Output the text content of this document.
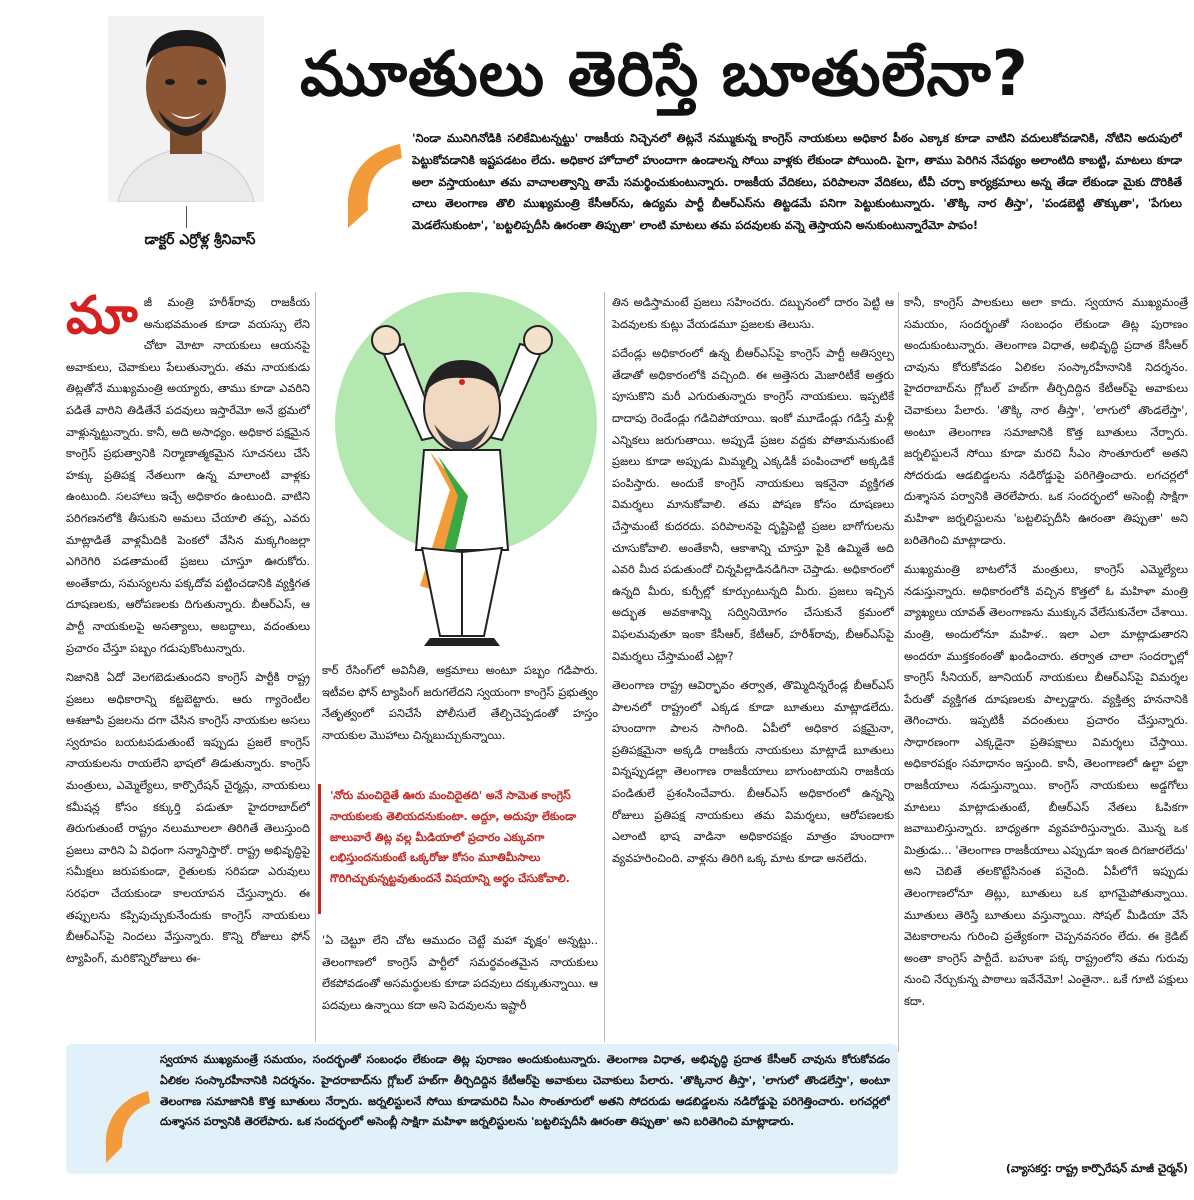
డాక్టర్ ఎర్రోళ్ల శ్రీనివాస్
మూతులు తెరిస్తే బూతులేనా?
'నిండా మునిగినోడికి సలికేమిటన్నట్టు' రాజకీయ నిచ్చెనలో తిట్లనే నమ్ముకున్న కాంగ్రెస్ నాయకులు అధికార పీఠం ఎక్కాక కూడా వాటిని వదులుకోవడానికి, నోటిని అదుపులో పెట్టుకోవడానికి ఇష్టపడటం లేదు. అధికార హోదాలో హుందాగా ఉండాలన్న సోయి వాళ్లకు లేకుండా పోయింది. పైగా, తాము పెరిగిన నేపథ్యం అలాంటిది కాబట్టి, మాటలు కూడా అలా వస్తాయంటూ తమ వాచాలత్వాన్ని తామే సమర్థించుకుంటున్నారు. రాజకీయ వేదికలు, పరిపాలనా వేదికలు, టీవీ చర్చా కార్యక్రమాలు అన్న తేడా లేకుండా మైకు దొరికితే చాలు తెలంగాణ తొలి ముఖ్యమంత్రి కేసీఆర్‌ను, ఉద్యమ పార్టీ బీఆర్ఎస్‌ను తిట్టడమే పనిగా పెట్టుకుంటున్నారు. 'తొక్కి నార తీస్తా', 'పండబెట్టి తొక్కుతా', 'పేగులు మెడలేసుకుంటా', 'బట్టలిప్పదీసి ఊరంతా తిప్పుతా' లాంటి మాటలు తమ పదవులకు వన్నె తెస్తాయని అనుకుంటున్నారేమో పాపం!

మాజీ మంత్రి హరీశ్‌రావు రాజకీయ అనుభవమంత కూడా వయస్సు లేని చోటా మోటా నాయకులు ఆయనపై అవాకులు, చెవాకులు పేలుతున్నారు. తమ నాయకుడు తిట్లతోనే ముఖ్యమంత్రి అయ్యారు, తాము కూడా ఎవరిని పడితే వారిని తిడితేనే పదవులు ఇస్తారేమో అనే భ్రమలో వాళ్లున్నట్టున్నారు. కానీ, అది అసాధ్యం. అధికార పక్షమైన కాంగ్రెస్ ప్రభుత్వానికి నిర్మాణాత్మకమైన సూచనలు చేసే హక్కు ప్రతిపక్ష నేతలుగా ఉన్న మాలాంటి వాళ్లకు ఉంటుంది. సలహాలు ఇచ్చే అధికారం ఉంటుంది. వాటిని పరిగణనలోకి తీసుకుని అమలు చేయాలి తప్ప, ఎవరు మాట్లాడితే వాళ్లమీదికి పెంకలో వేసిన మక్కగింజల్లా ఎగిరెగిరి పడతామంటే ప్రజలు చూస్తూ ఊరుకోరు. అంతేకాదు, సమస్యలను పక్కదోవ పట్టించడానికి వ్యక్తిగత దూషణలకు, ఆరోపణలకు దిగుతున్నారు. బీఆర్ఎస్, ఆ పార్టీ నాయకులపై అసత్యాలు, అబద్ధాలు, వదంతులు ప్రచారం చేస్తూ పబ్బం గడుపుకొంటున్నారు.

నిజానికి ఏదో వెలగబెడుతుందని కాంగ్రెస్ పార్టీకి రాష్ట్ర ప్రజలు అధికారాన్ని కట్టబెట్టారు. ఆరు గ్యారెంటీల ఆశజూపి ప్రజలను దగా చేసిన కాంగ్రెస్ నాయకుల అసలు స్వరూపం బయటపడుతుంటే ఇప్పుడు ప్రజలే కాంగ్రెస్ నాయకులను రాయలేని భాషలో తిడుతున్నారు. కాంగ్రెస్ మంత్రులు, ఎమ్మెల్యేలు, కార్పొరేషన్ చైర్మన్లు, నాయకులు కమీషన్ల కోసం కక్కుర్తి పడుతూ హైదరాబాద్‌లో తిరుగుతుంటే రాష్ట్రం నలుమూలలా తిరిగితే తెలుస్తుంది ప్రజలు వారిని ఏ విధంగా సన్మానిస్తారో. రాష్ట్ర అభివృద్ధిపై సమీక్షలు జరుపకుండా, రైతులకు సరిపడా ఎరువులు సరఫరా చేయకుండా కాలయాపన చేస్తున్నారు. ఈ తప్పులను కప్పిపుచ్చుకునేందుకు కాంగ్రెస్ నాయకులు బీఆర్ఎస్‌పై నిందలు వేస్తున్నారు. కొన్ని రోజులు ఫోన్ ట్యాపింగ్, మరికొన్నిరోజులు ఈ-

కార్ రేసింగ్‌లో అవినీతి, అక్రమాలు అంటూ పబ్బం గడిపారు. ఇటీవల ఫోన్ ట్యాపింగ్ జరుగలేదని స్వయంగా కాంగ్రెస్ ప్రభుత్వం నేతృత్వంలో పనిచేసే పోలీసులే తేల్చిచెప్పడంతో హస్తం నాయకుల మొహాలు చిన్నబుచ్చుకున్నాయి.
'నోరు మంచిదైతే ఊరు మంచిదైతది' అనే సామెత కాంగ్రెస్ నాయకులకు తెలియదనుకుంటా. అద్దూ, అదుపూ లేకుండా జాలువారే తిట్ల వల్ల మీడియాలో ప్రచారం ఎక్కువగా లభిస్తుందనుకుంటే ఒక్కరోజు కోసం మూతిమీసాలు గొరిగిచ్చుకున్నట్టవుతుందనే విషయాన్ని అర్థం చేసుకోవాలి.
'ఏ చెట్టూ లేని చోట ఆముదం చెట్టే మహా వృక్షం' అన్నట్టు.. తెలంగాణలో కాంగ్రెస్ పార్టీలో సమర్థవంతమైన నాయకులు లేకపోవడంతో అసమర్థులకు కూడా పదవులు దక్కుతున్నాయి. ఆ పదవులు ఉన్నాయి కదా అని పెదవులను ఇష్టారీ

తిన అడిస్తామంటే ప్రజలు సహించరు. దబ్బునంలో దారం పెట్టి ఆ పెదవులకు కుట్లు వేయడమూ ప్రజలకు తెలుసు.

పదేండ్లు అధికారంలో ఉన్న బీఆర్ఎస్‌పై కాంగ్రెస్ పార్టీ అతిస్వల్ప తేడాతో అధికారంలోకి వచ్చింది. ఈ అత్తెసరు మెజారిటీకే అత్తరు పూసుకొని మరీ ఎగురుతున్నారు కాంగ్రెస్ నాయకులు. ఇప్పటికే దాదాపు రెండేండ్లు గడిచిపోయాయి. ఇంకో మూడేండ్లు గడిస్తే మళ్లీ ఎన్నికలు జరుగుతాయి. అప్పుడే ప్రజల వద్దకు పోతామనుకుంటే ప్రజలు కూడా అప్పుడు మిమ్మల్ని ఎక్కడికీ పంపించాలో అక్కడికే పంపిస్తారు. అందుకే కాంగ్రెస్ నాయకులు ఇకనైనా వ్యక్తిగత విమర్శలు మానుకోవాలి. తమ పోషణ కోసం దూషణలు చేస్తామంటే కుదరదు. పరిపాలనపై దృష్టిపెట్టి ప్రజల బాగోగులను చూసుకోవాలి. అంతేకానీ, ఆకాశాన్ని చూస్తూ పైకి ఉమ్మితే అది ఎవరి మీద పడుతుందో చిన్నపిల్లాడినడిగినా చెప్తాడు. అధికారంలో ఉన్నది మీరు, కుర్చీల్లో కూర్చుంటున్నది మీరు. ప్రజలు ఇచ్చిన అద్భుత అవకాశాన్ని సద్వినియోగం చేసుకునే క్రమంలో విఫలమవుతూ ఇంకా కేసీఆర్, కేటీఆర్, హరీశ్‌రావు, బీఆర్ఎస్‌పై విమర్శలు చేస్తామంటే ఎట్లా?

తెలంగాణ రాష్ట్ర ఆవిర్భావం తర్వాత, తొమ్మిదిన్నరేండ్ల బీఆర్ఎస్ పాలనలో రాష్ట్రంలో ఎక్కడ కూడా బూతులు మాట్లాడలేదు. హుందాగా పాలన సాగింది. ఏపీలో అధికార పక్షమైనా, ప్రతిపక్షమైనా అక్కడి రాజకీయ నాయకులు మాట్లాడే బూతులు విన్నప్పుడల్లా తెలంగాణ రాజకీయాలు బాగుంటాయని రాజకీయ పండితులే ప్రశంసించేవారు. బీఆర్ఎస్ అధికారంలో ఉన్నన్ని రోజులు ప్రతిపక్ష నాయకులు తమ విమర్శలు, ఆరోపణలకు ఎలాంటి భాష వాడినా అధికారపక్షం మాత్రం హుందాగా వ్యవహరించింది. వాళ్లను తిరిగి ఒక్క మాట కూడా అనలేదు.

కానీ, కాంగ్రెస్ పాలకులు అలా కాదు. స్వయాన ముఖ్యమంత్రే సమయం, సందర్భంతో సంబంధం లేకుండా తిట్ల పురాణం అందుకుంటున్నారు. తెలంగాణ విధాత, అభివృద్ధి ప్రదాత కేసీఆర్ చావును కోరుకోవడం ఏలికల సంస్కారహీనానికి నిదర్శనం. హైదరాబాద్‌ను గ్లోబల్ హబ్‌గా తీర్చిదిద్దిన కేటీఆర్‌పై అవాకులు చెవాకులు పేలారు. 'తొక్కి నార తీస్తా', 'లాగులో తొండలేస్తా', అంటూ తెలంగాణ సమాజానికి కొత్త బూతులు నేర్పారు. జర్నలిస్టులనే సోయి కూడా మరచి సీఎం సొంతూరులో అతని సోదరుడు ఆడబిడ్డలను నడిరోడ్డుపై పరిగెత్తించారు. లగచర్లలో దుశ్శాసన పర్వానికి తెరలేపారు. ఒక సందర్భంలో అసెంబ్లీ సాక్షిగా మహిళా జర్నలిస్టులను 'బట్టలిప్పదీసి ఊరంతా తిప్పుతా' అని బరితెగించి మాట్లాడారు.

ముఖ్యమంత్రి బాటలోనే మంత్రులు, కాంగ్రెస్ ఎమ్మెల్యేలు నడుస్తున్నారు. అధికారంలోకి వచ్చిన కొత్తలో ఓ మహిళా మంత్రి వ్యాఖ్యలు యావత్ తెలంగాణను ముక్కున వేలేసుకునేలా చేశాయి. మంత్రి, అందులోనూ మహిళ.. ఇలా ఎలా మాట్లాడుతారని అందరూ ముక్తకంఠంతో ఖండించారు. తర్వాత చాలా సందర్భాల్లో కాంగ్రెస్ సీనియర్, జూనియర్ నాయకులు బీఆర్ఎస్‌పై విమర్శల పేరుతో వ్యక్తిగత దూషణలకు పాల్పడ్డారు. వ్యక్తిత్వ హననానికి తెగించారు. ఇప్పటికీ వదంతులు ప్రచారం చేస్తున్నారు. సాధారణంగా ఎక్కడైనా ప్రతిపక్షాలు విమర్శలు చేస్తాయి. అధికారపక్షం సమాధానం ఇస్తుంది. కానీ, తెలంగాణలో ఉల్టా పల్టా రాజకీయాలు నడుస్తున్నాయి. కాంగ్రెస్ నాయకులు అడ్డగోలు మాటలు మాట్లాడుతుంటే, బీఆర్ఎస్ నేతలు ఓపికగా జవాబులిస్తున్నారు. బాధ్యతగా వ్యవహరిస్తున్నారు. మొన్న ఒక మిత్రుడు... 'తెలంగాణ రాజకీయాలు ఎప్పుడూ ఇంత దిగజారలేదు' అని చెబితే తలకొట్టేసినంత పనైంది. ఏపీలోగే ఇప్పుడు తెలంగాణలోనూ తిట్లు, బూతులు ఒక భాగమైపోతున్నాయి. మూతులు తెరిస్తే బూతులు వస్తున్నాయి. సోషల్ మీడియా వేసే వెటకారాలను గురించి ప్రత్యేకంగా చెప్పనవసరం లేదు. ఈ క్రెడిట్ అంతా కాంగ్రెస్ పార్టీదే. బహుశా పక్క రాష్ట్రంలోని తమ గురువు నుంచి నేర్చుకున్న పాఠాలు ఇవేనేమో! ఎంతైనా.. ఒకే గూటి పక్షులు కదా.

స్వయాన ముఖ్యమంత్రే సమయం, సందర్భంతో సంబంధం లేకుండా తిట్ల పురాణం అందుకుంటున్నారు. తెలంగాణ విధాత, అభివృద్ధి ప్రదాత కేసీఆర్ చావును కోరుకోవడం ఏలికల సంస్కారహీనానికి నిదర్శనం. హైదరాబాద్‌ను గ్లోబల్ హబ్‌గా తీర్చిదిద్దిన కేటీఆర్‌పై అవాకులు చెవాకులు పేలారు. 'తొక్కినార తీస్తా', 'లాగులో తొండలేస్తా', అంటూ తెలంగాణ సమాజానికి కొత్త బూతులు నేర్పారు. జర్నలిస్టులనే సోయి కూడామరిచి సీఎం సొంతూరులో అతని సోదరుడు ఆడబిడ్డలను నడిరోడ్డుపై పరిగెత్తించారు. లగచర్లలో దుశ్శాసన పర్వానికి తెరలేపారు. ఒక సందర్భంలో అసెంబ్లీ సాక్షిగా మహిళా జర్నలిస్టులను 'బట్టలిప్పదీసి ఊరంతా తిప్పుతా' అని బరితెగించి మాట్లాడారు.
(వ్యాసకర్త: రాష్ట్ర కార్పొరేషన్ మాజీ చైర్మన్)
